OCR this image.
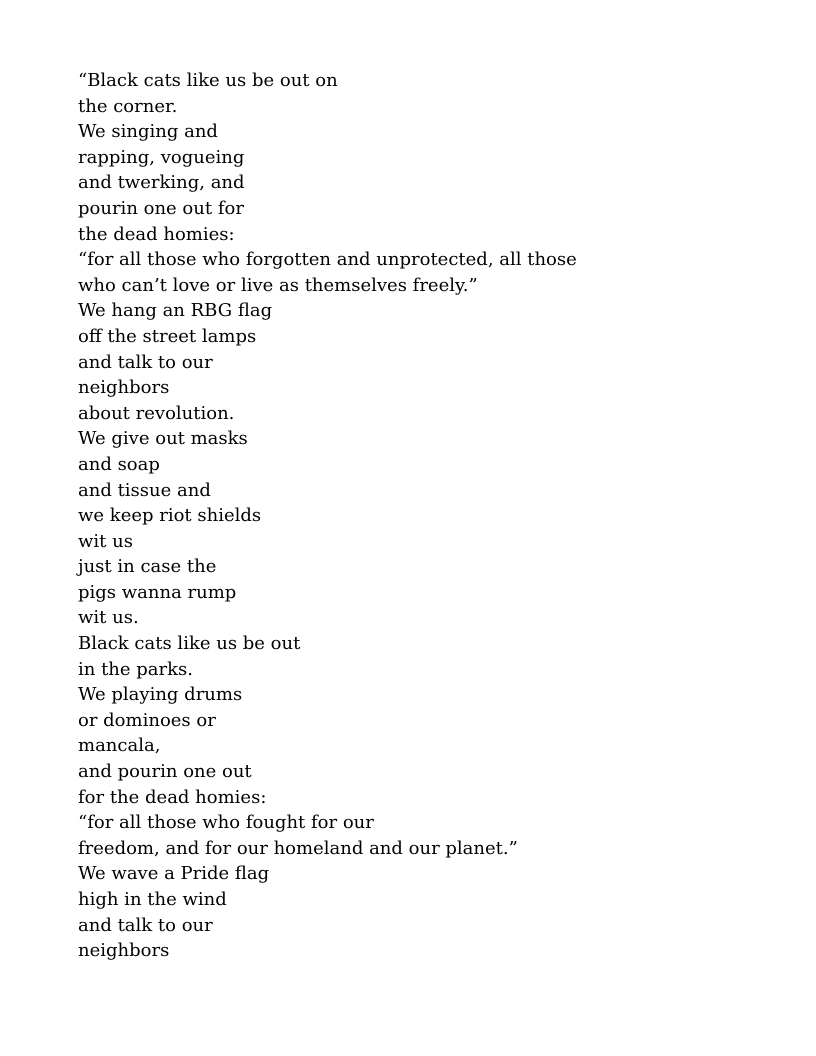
“Black cats like us be out on
the corner.
We singing and
rapping, vogueing
and twerking, and
pourin one out for
the dead homies:
“for all those who forgotten and unprotected, all those
who can’t love or live as themselves freely.”
We hang an RBG flag
off the street lamps
and talk to our
neighbors
about revolution.
We give out masks
and soap
and tissue and
we keep riot shields
wit us
just in case the
pigs wanna rump
wit us.
Black cats like us be out
in the parks.
We playing drums
or dominoes or
mancala,
and pourin one out
for the dead homies:
“for all those who fought for our
freedom, and for our homeland and our planet.”
We wave a Pride flag
high in the wind
and talk to our
neighbors
